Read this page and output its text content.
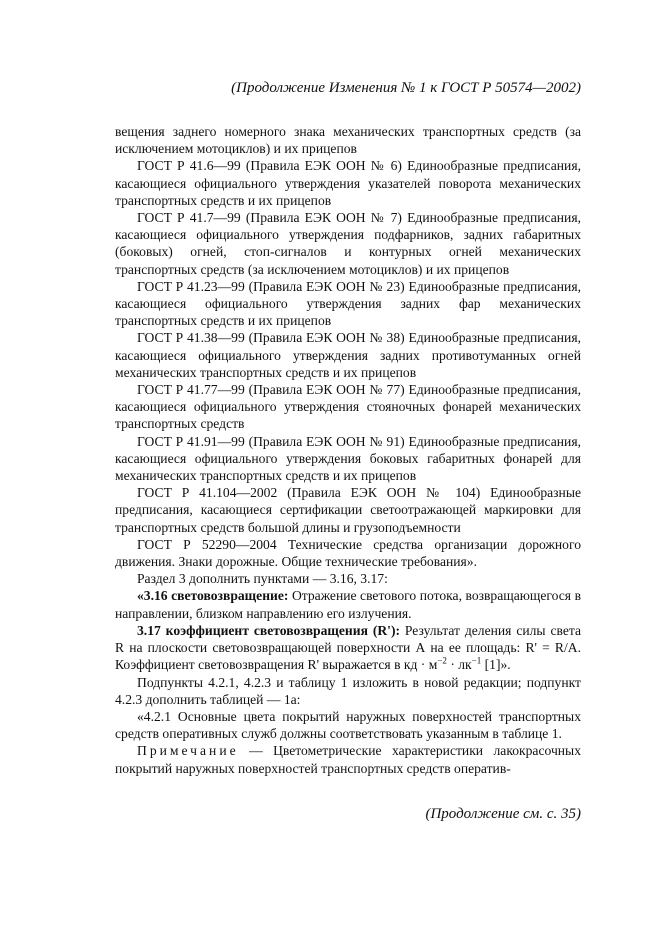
(Продолжение Изменения № 1 к ГОСТ Р 50574—2002)

вещения заднего номерного знака механических транспортных средств (за исключением мотоциклов) и их прицепов

ГОСТ Р 41.6—99 (Правила ЕЭК ООН № 6) Единообразные предписания, касающиеся официального утверждения указателей поворота механических транспортных средств и их прицепов

ГОСТ Р 41.7—99 (Правила ЕЭК ООН № 7) Единообразные предписания, касающиеся официального утверждения подфарников, задних габаритных (боковых) огней, стоп-сигналов и контурных огней механических транспортных средств (за исключением мотоциклов) и их прицепов

ГОСТ Р 41.23—99 (Правила ЕЭК ООН № 23) Единообразные предписания, касающиеся официального утверждения задних фар механических транспортных средств и их прицепов

ГОСТ Р 41.38—99 (Правила ЕЭК ООН № 38) Единообразные предписания, касающиеся официального утверждения задних противотуманных огней механических транспортных средств и их прицепов

ГОСТ Р 41.77—99 (Правила ЕЭК ООН № 77) Единообразные предписания, касающиеся официального утверждения стояночных фонарей механических транспортных средств

ГОСТ Р 41.91—99 (Правила ЕЭК ООН № 91) Единообразные предписания, касающиеся официального утверждения боковых габаритных фонарей для механических транспортных средств и их прицепов

ГОСТ Р 41.104—2002 (Правила ЕЭК ООН № 104) Единообразные предписания, касающиеся сертификации светоотражающей маркировки для транспортных средств большой длины и грузоподъемности

ГОСТ Р 52290—2004 Технические средства организации дорожного движения. Знаки дорожные. Общие технические требования».

Раздел 3 дополнить пунктами — 3.16, 3.17:

«3.16 световозвращение: Отражение светового потока, возвращающегося в направлении, близком направлению его излучения.

3.17 коэффициент световозвращения (R'): Результат деления силы света R на плоскости световозвращающей поверхности А на ее площадь: R' = R/A. Коэффициент световозвращения R' выражается в кд · $м^{-2} \cdot лк^{-1}$ [1]».

Подпункты 4.2.1, 4.2.3 и таблицу 1 изложить в новой редакции; подпункт 4.2.3 дополнить таблицей — 1а:

«4.2.1 Основные цвета покрытий наружных поверхностей транспортных средств оперативных служб должны соответствовать указанным в таблице 1.

Примечание — Цветометрические характеристики лакокрасочных покрытий наружных поверхностей транспортных средств оператив-

(Продолжение см. с. 35)
